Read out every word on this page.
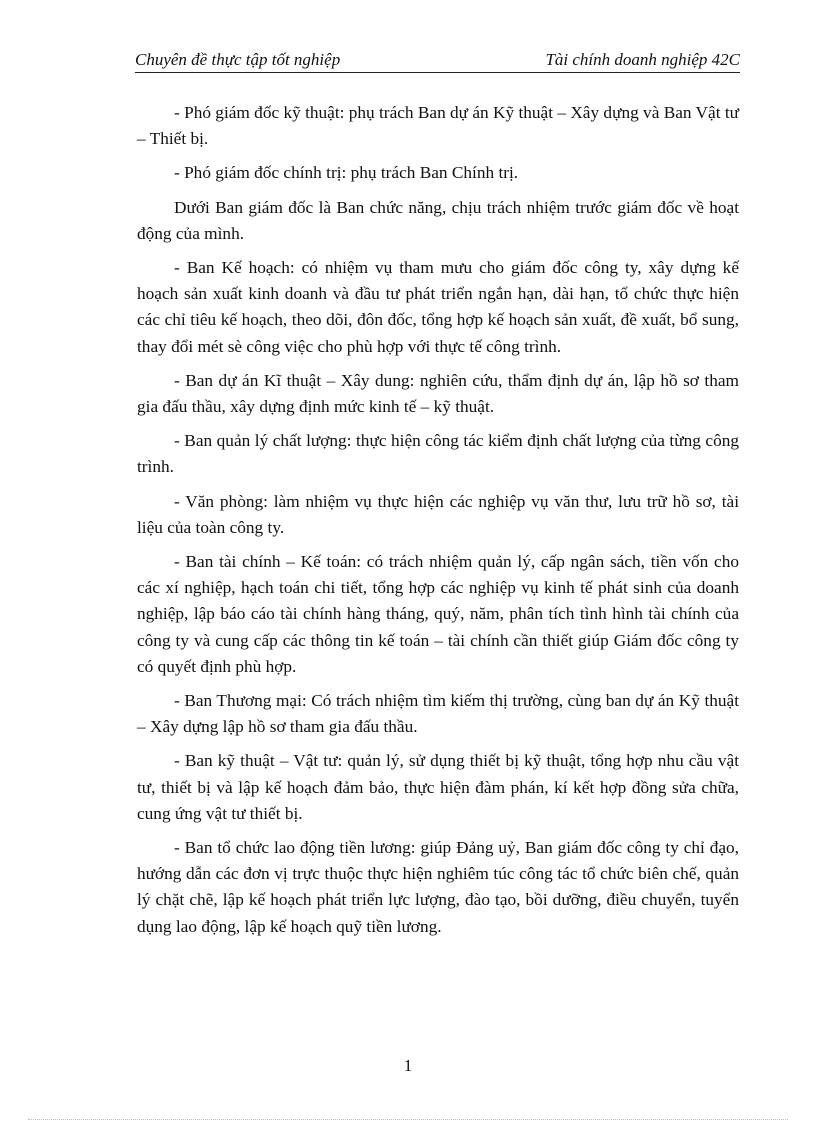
Chuyên đề thực tập tốt nghiệp	Tài chính doanh nghiệp 42C

- Phó giám đốc kỹ thuật: phụ trách Ban dự án Kỹ thuật – Xây dựng và Ban Vật tư – Thiết bị.

- Phó giám đốc chính trị: phụ trách Ban Chính trị.

Dưới Ban giám đốc là Ban chức năng, chịu trách nhiệm trước giám đốc về hoạt động của mình.

- Ban Kế hoạch: có nhiệm vụ tham mưu cho giám đốc công ty, xây dựng kế hoạch sản xuất kinh doanh và đầu tư phát triển ngắn hạn, dài hạn, tổ chức thực hiện các chỉ tiêu kế hoạch, theo dõi, đôn đốc, tổng hợp kế hoạch sản xuất, đề xuất, bổ sung, thay đổi mét sè công việc cho phù hợp với thực tế công trình.

- Ban dự án Kĩ thuật – Xây dung: nghiên cứu, thẩm định dự án, lập hồ sơ tham gia đấu thầu, xây dựng định mức kinh tế – kỹ thuật.

- Ban quản lý chất lượng: thực hiện công tác kiểm định chất lượng của từng công trình.

- Văn phòng: làm nhiệm vụ thực hiện các nghiệp vụ văn thư, lưu trữ hồ sơ, tài liệu của toàn công ty.

- Ban tài chính – Kế toán: có trách nhiệm quản lý, cấp ngân sách, tiền vốn cho các xí nghiệp, hạch toán chi tiết, tổng hợp các nghiệp vụ kinh tế phát sinh của doanh nghiệp, lập báo cáo tài chính hàng tháng, quý, năm, phân tích tình hình tài chính của công ty và cung cấp các thông tin kế toán – tài chính cần thiết giúp Giám đốc công ty có quyết định phù hợp.

- Ban Thương mại: Có trách nhiệm tìm kiếm thị trường, cùng ban dự án Kỹ thuật – Xây dựng lập hồ sơ tham gia đấu thầu.

- Ban kỹ thuật – Vật tư: quản lý, sử dụng thiết bị kỹ thuật, tổng hợp nhu cầu vật tư, thiết bị và lập kế hoạch đảm bảo, thực hiện đàm phán, kí kết hợp đồng sửa chữa, cung ứng vật tư thiết bị.

- Ban tổ chức lao động tiền lương: giúp Đảng uỷ, Ban giám đốc công ty chỉ đạo, hướng dẫn các đơn vị trực thuộc thực hiện nghiêm túc công tác tổ chức biên chế, quản lý chặt chẽ, lập kế hoạch phát triển lực lượng, đào tạo, bồi dưỡng, điều chuyển, tuyển dụng lao động, lập kế hoạch quỹ tiền lương.

1
